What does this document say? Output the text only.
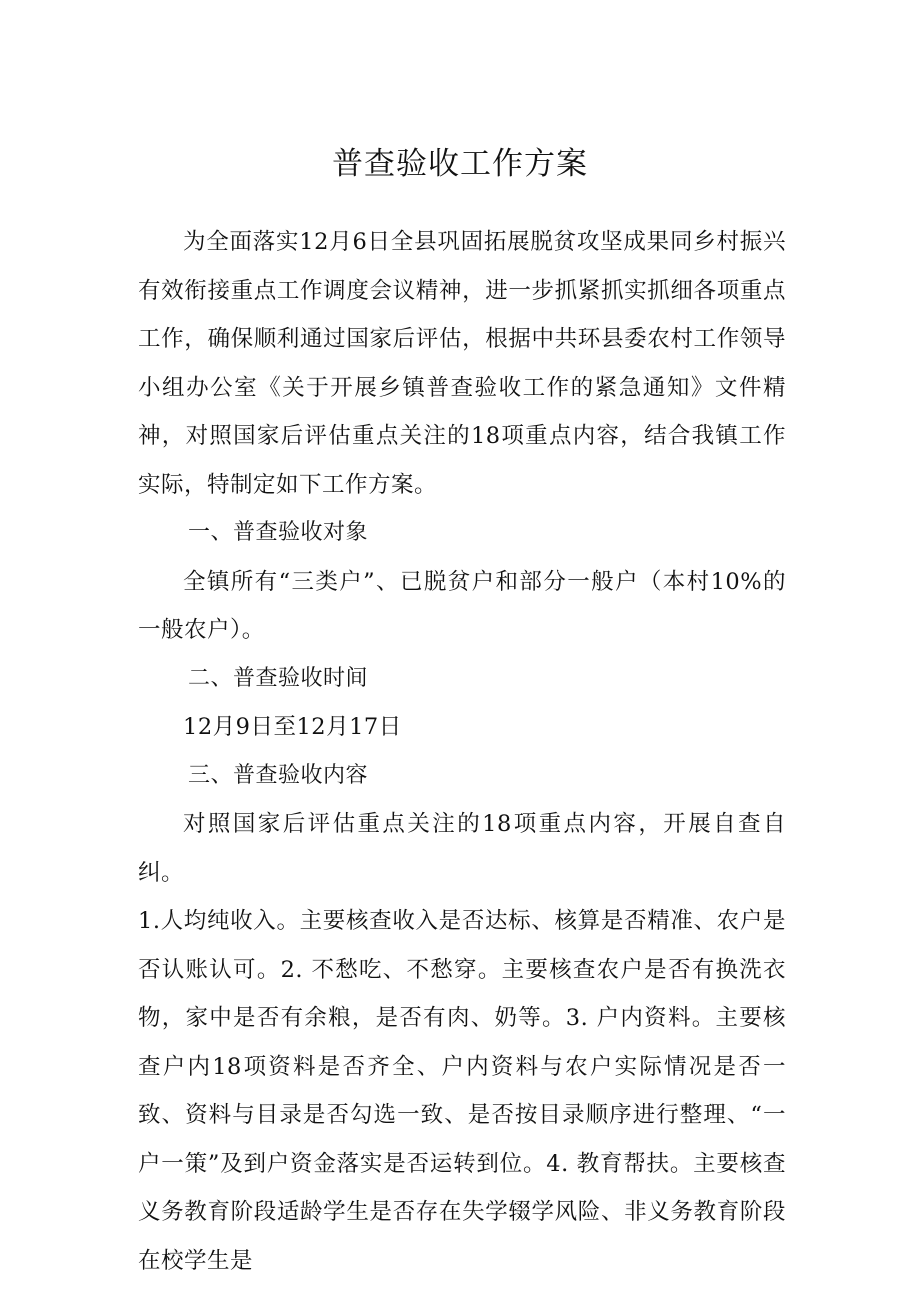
普查验收工作方案

为全面落实12月6日全县巩固拓展脱贫攻坚成果同乡村振兴有效衔接重点工作调度会议精神，进一步抓紧抓实抓细各项重点工作，确保顺利通过国家后评估，根据中共环县委农村工作领导小组办公室《关于开展乡镇普查验收工作的紧急通知》文件精神，对照国家后评估重点关注的18项重点内容，结合我镇工作实际，特制定如下工作方案。

一、普查验收对象

全镇所有“三类户”、已脱贫户和部分一般户（本村10%的一般农户）。

二、普查验收时间

12月9日至12月17日

三、普查验收内容

对照国家后评估重点关注的18项重点内容，开展自查自纠。

1.人均纯收入。主要核查收入是否达标、核算是否精准、农户是否认账认可。2. 不愁吃、不愁穿。主要核查农户是否有换洗衣物，家中是否有余粮，是否有肉、奶等。3. 户内资料。主要核查户内18项资料是否齐全、户内资料与农户实际情况是否一致、资料与目录是否勾选一致、是否按目录顺序进行整理、“一户一策”及到户资金落实是否运转到位。4. 教育帮扶。主要核查义务教育阶段适龄学生是否存在失学辍学风险、非义务教育阶段在校学生是
